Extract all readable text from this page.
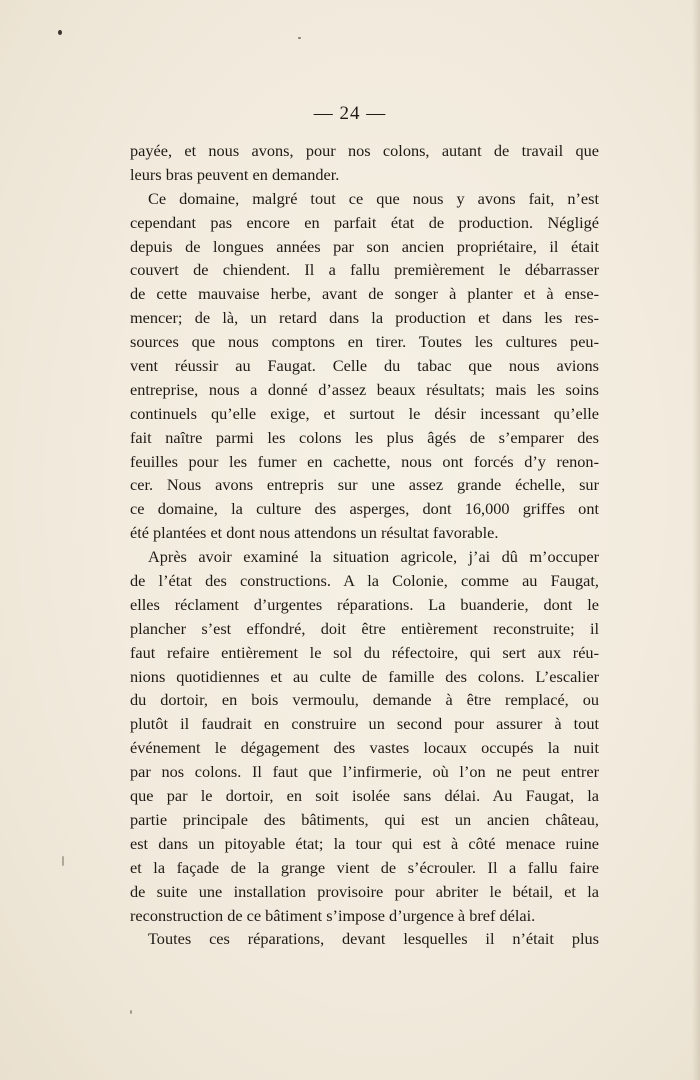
— 24 —
payée, et nous avons, pour nos colons, autant de travail que
leurs bras peuvent en demander.
Ce domaine, malgré tout ce que nous y avons fait, n’est
cependant pas encore en parfait état de production. Négligé
depuis de longues années par son ancien propriétaire, il était
couvert de chiendent. Il a fallu premièrement le débarrasser
de cette mauvaise herbe, avant de songer à planter et à ense-
mencer; de là, un retard dans la production et dans les res-
sources que nous comptons en tirer. Toutes les cultures peu-
vent réussir au Faugat. Celle du tabac que nous avions
entreprise, nous a donné d’assez beaux résultats; mais les soins
continuels qu’elle exige, et surtout le désir incessant qu’elle
fait naître parmi les colons les plus âgés de s’emparer des
feuilles pour les fumer en cachette, nous ont forcés d’y renon-
cer. Nous avons entrepris sur une assez grande échelle, sur
ce domaine, la culture des asperges, dont 16,000 griffes ont
été plantées et dont nous attendons un résultat favorable.
Après avoir examiné la situation agricole, j’ai dû m’occuper
de l’état des constructions. A la Colonie, comme au Faugat,
elles réclament d’urgentes réparations. La buanderie, dont le
plancher s’est effondré, doit être entièrement reconstruite; il
faut refaire entièrement le sol du réfectoire, qui sert aux réu-
nions quotidiennes et au culte de famille des colons. L’escalier
du dortoir, en bois vermoulu, demande à être remplacé, ou
plutôt il faudrait en construire un second pour assurer à tout
événement le dégagement des vastes locaux occupés la nuit
par nos colons. Il faut que l’infirmerie, où l’on ne peut entrer
que par le dortoir, en soit isolée sans délai. Au Faugat, la
partie principale des bâtiments, qui est un ancien château,
est dans un pitoyable état; la tour qui est à côté menace ruine
et la façade de la grange vient de s’écrouler. Il a fallu faire
de suite une installation provisoire pour abriter le bétail, et la
reconstruction de ce bâtiment s’impose d’urgence à bref délai.
Toutes ces réparations, devant lesquelles il n’était plus
